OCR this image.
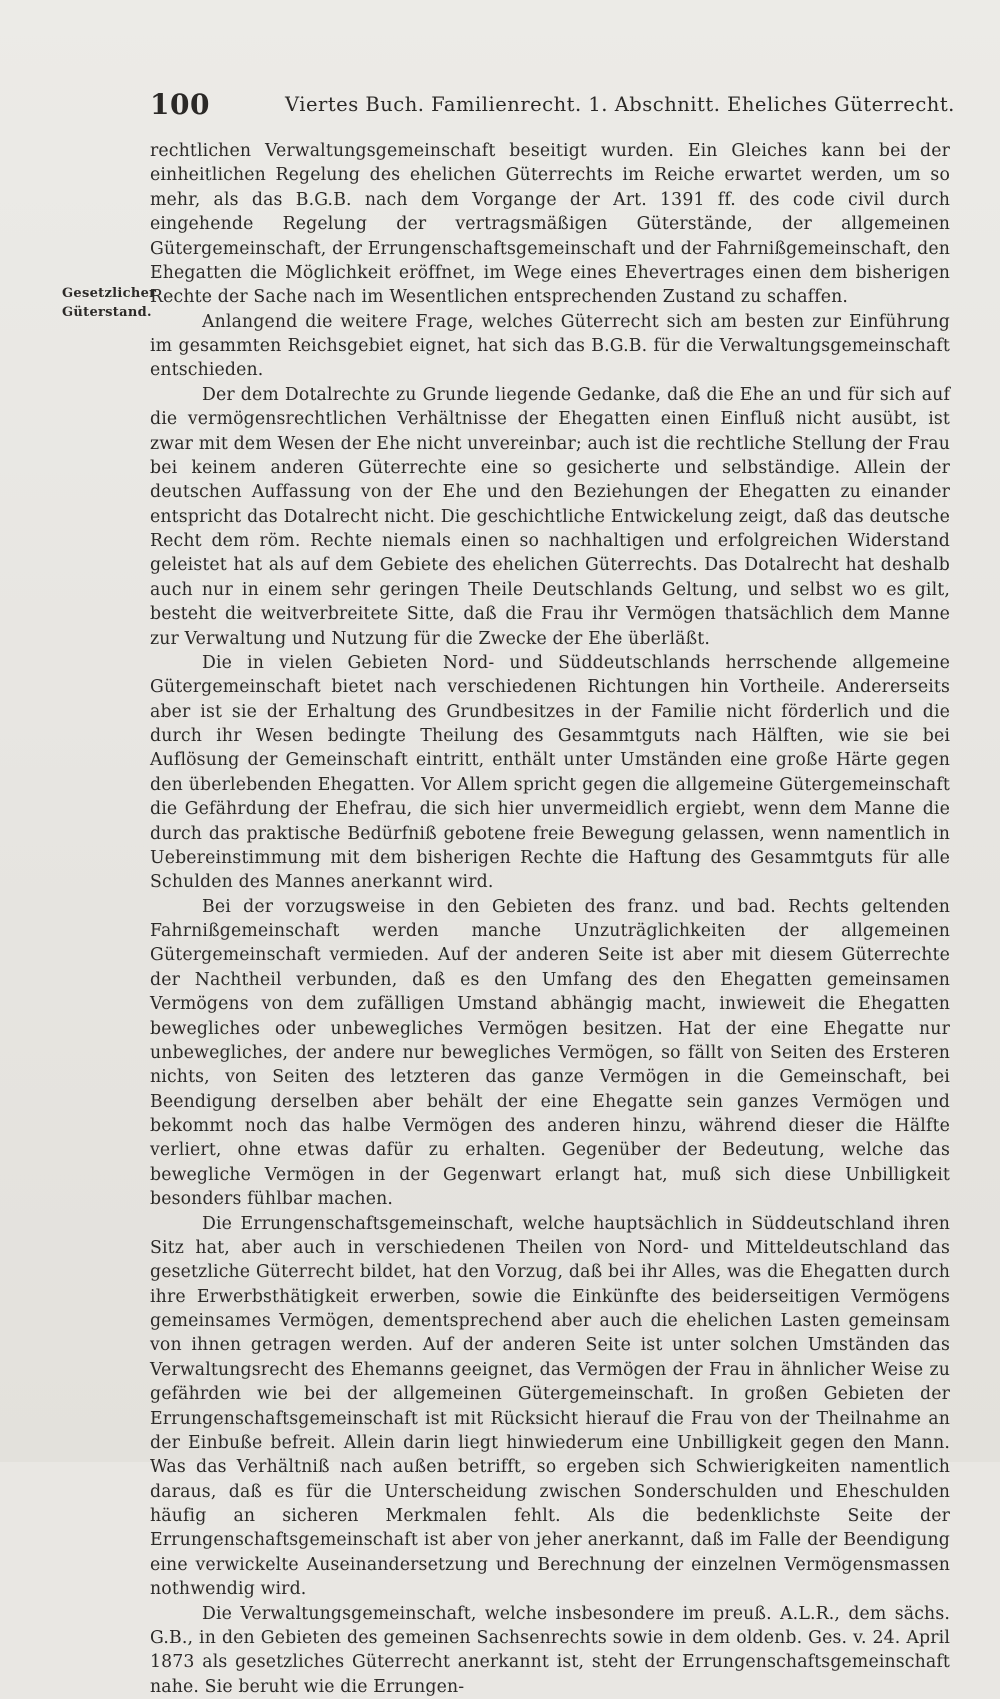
100	Viertes Buch. Familienrecht. 1. Abschnitt. Eheliches Güterrecht.
Gesetzlicher
Güterstand.

rechtlichen Verwaltungsgemeinschaft beseitigt wurden. Ein Gleiches kann bei der einheitlichen Regelung des ehelichen Güterrechts im Reiche erwartet werden, um so mehr, als das B.G.B. nach dem Vorgange der Art. 1391 ff. des code civil durch eingehende Regelung der vertragsmäßigen Güterstände, der allgemeinen Gütergemeinschaft, der Errungenschaftsgemeinschaft und der Fahrnißgemeinschaft, den Ehegatten die Möglichkeit eröffnet, im Wege eines Ehevertrages einen dem bisherigen Rechte der Sache nach im Wesentlichen entsprechenden Zustand zu schaffen.

Anlangend die weitere Frage, welches Güterrecht sich am besten zur Einführung im gesammten Reichsgebiet eignet, hat sich das B.G.B. für die Verwaltungsgemeinschaft entschieden.

Der dem Dotalrechte zu Grunde liegende Gedanke, daß die Ehe an und für sich auf die vermögensrechtlichen Verhältnisse der Ehegatten einen Einfluß nicht ausübt, ist zwar mit dem Wesen der Ehe nicht unvereinbar; auch ist die rechtliche Stellung der Frau bei keinem anderen Güterrechte eine so gesicherte und selbständige. Allein der deutschen Auffassung von der Ehe und den Beziehungen der Ehegatten zu einander entspricht das Dotalrecht nicht. Die geschichtliche Entwickelung zeigt, daß das deutsche Recht dem röm. Rechte niemals einen so nachhaltigen und erfolgreichen Widerstand geleistet hat als auf dem Gebiete des ehelichen Güterrechts. Das Dotalrecht hat deshalb auch nur in einem sehr geringen Theile Deutschlands Geltung, und selbst wo es gilt, besteht die weitverbreitete Sitte, daß die Frau ihr Vermögen thatsächlich dem Manne zur Verwaltung und Nutzung für die Zwecke der Ehe überläßt.

Die in vielen Gebieten Nord- und Süddeutschlands herrschende allgemeine Gütergemeinschaft bietet nach verschiedenen Richtungen hin Vortheile. Andererseits aber ist sie der Erhaltung des Grundbesitzes in der Familie nicht förderlich und die durch ihr Wesen bedingte Theilung des Gesammtguts nach Hälften, wie sie bei Auflösung der Gemeinschaft eintritt, enthält unter Umständen eine große Härte gegen den überlebenden Ehegatten. Vor Allem spricht gegen die allgemeine Gütergemeinschaft die Gefährdung der Ehefrau, die sich hier unvermeidlich ergiebt, wenn dem Manne die durch das praktische Bedürfniß gebotene freie Bewegung gelassen, wenn namentlich in Uebereinstimmung mit dem bisherigen Rechte die Haftung des Gesammtguts für alle Schulden des Mannes anerkannt wird.

Bei der vorzugsweise in den Gebieten des franz. und bad. Rechts geltenden Fahrnißgemeinschaft werden manche Unzuträglichkeiten der allgemeinen Gütergemeinschaft vermieden. Auf der anderen Seite ist aber mit diesem Güterrechte der Nachtheil verbunden, daß es den Umfang des den Ehegatten gemeinsamen Vermögens von dem zufälligen Umstand abhängig macht, inwieweit die Ehegatten bewegliches oder unbewegliches Vermögen besitzen. Hat der eine Ehegatte nur unbewegliches, der andere nur bewegliches Vermögen, so fällt von Seiten des Ersteren nichts, von Seiten des letzteren das ganze Vermögen in die Gemeinschaft, bei Beendigung derselben aber behält der eine Ehegatte sein ganzes Vermögen und bekommt noch das halbe Vermögen des anderen hinzu, während dieser die Hälfte verliert, ohne etwas dafür zu erhalten. Gegenüber der Bedeutung, welche das bewegliche Vermögen in der Gegenwart erlangt hat, muß sich diese Unbilligkeit besonders fühlbar machen.

Die Errungenschaftsgemeinschaft, welche hauptsächlich in Süddeutschland ihren Sitz hat, aber auch in verschiedenen Theilen von Nord- und Mitteldeutschland das gesetzliche Güterrecht bildet, hat den Vorzug, daß bei ihr Alles, was die Ehegatten durch ihre Erwerbsthätigkeit erwerben, sowie die Einkünfte des beiderseitigen Vermögens gemeinsames Vermögen, dementsprechend aber auch die ehelichen Lasten gemeinsam von ihnen getragen werden. Auf der anderen Seite ist unter solchen Umständen das Verwaltungsrecht des Ehemanns geeignet, das Vermögen der Frau in ähnlicher Weise zu gefährden wie bei der allgemeinen Gütergemeinschaft. In großen Gebieten der Errungenschaftsgemeinschaft ist mit Rücksicht hierauf die Frau von der Theilnahme an der Einbuße befreit. Allein darin liegt hinwiederum eine Unbilligkeit gegen den Mann. Was das Verhältniß nach außen betrifft, so ergeben sich Schwierigkeiten namentlich daraus, daß es für die Unterscheidung zwischen Sonderschulden und Eheschulden häufig an sicheren Merkmalen fehlt. Als die bedenklichste Seite der Errungenschaftsgemeinschaft ist aber von jeher anerkannt, daß im Falle der Beendigung eine verwickelte Auseinandersetzung und Berechnung der einzelnen Vermögensmassen nothwendig wird.

Die Verwaltungsgemeinschaft, welche insbesondere im preuß. A.L.R., dem sächs. G.B., in den Gebieten des gemeinen Sachsenrechts sowie in dem oldenb. Ges. v. 24. April 1873 als gesetzliches Güterrecht anerkannt ist, steht der Errungenschaftsgemeinschaft nahe. Sie beruht wie die Errungen-
